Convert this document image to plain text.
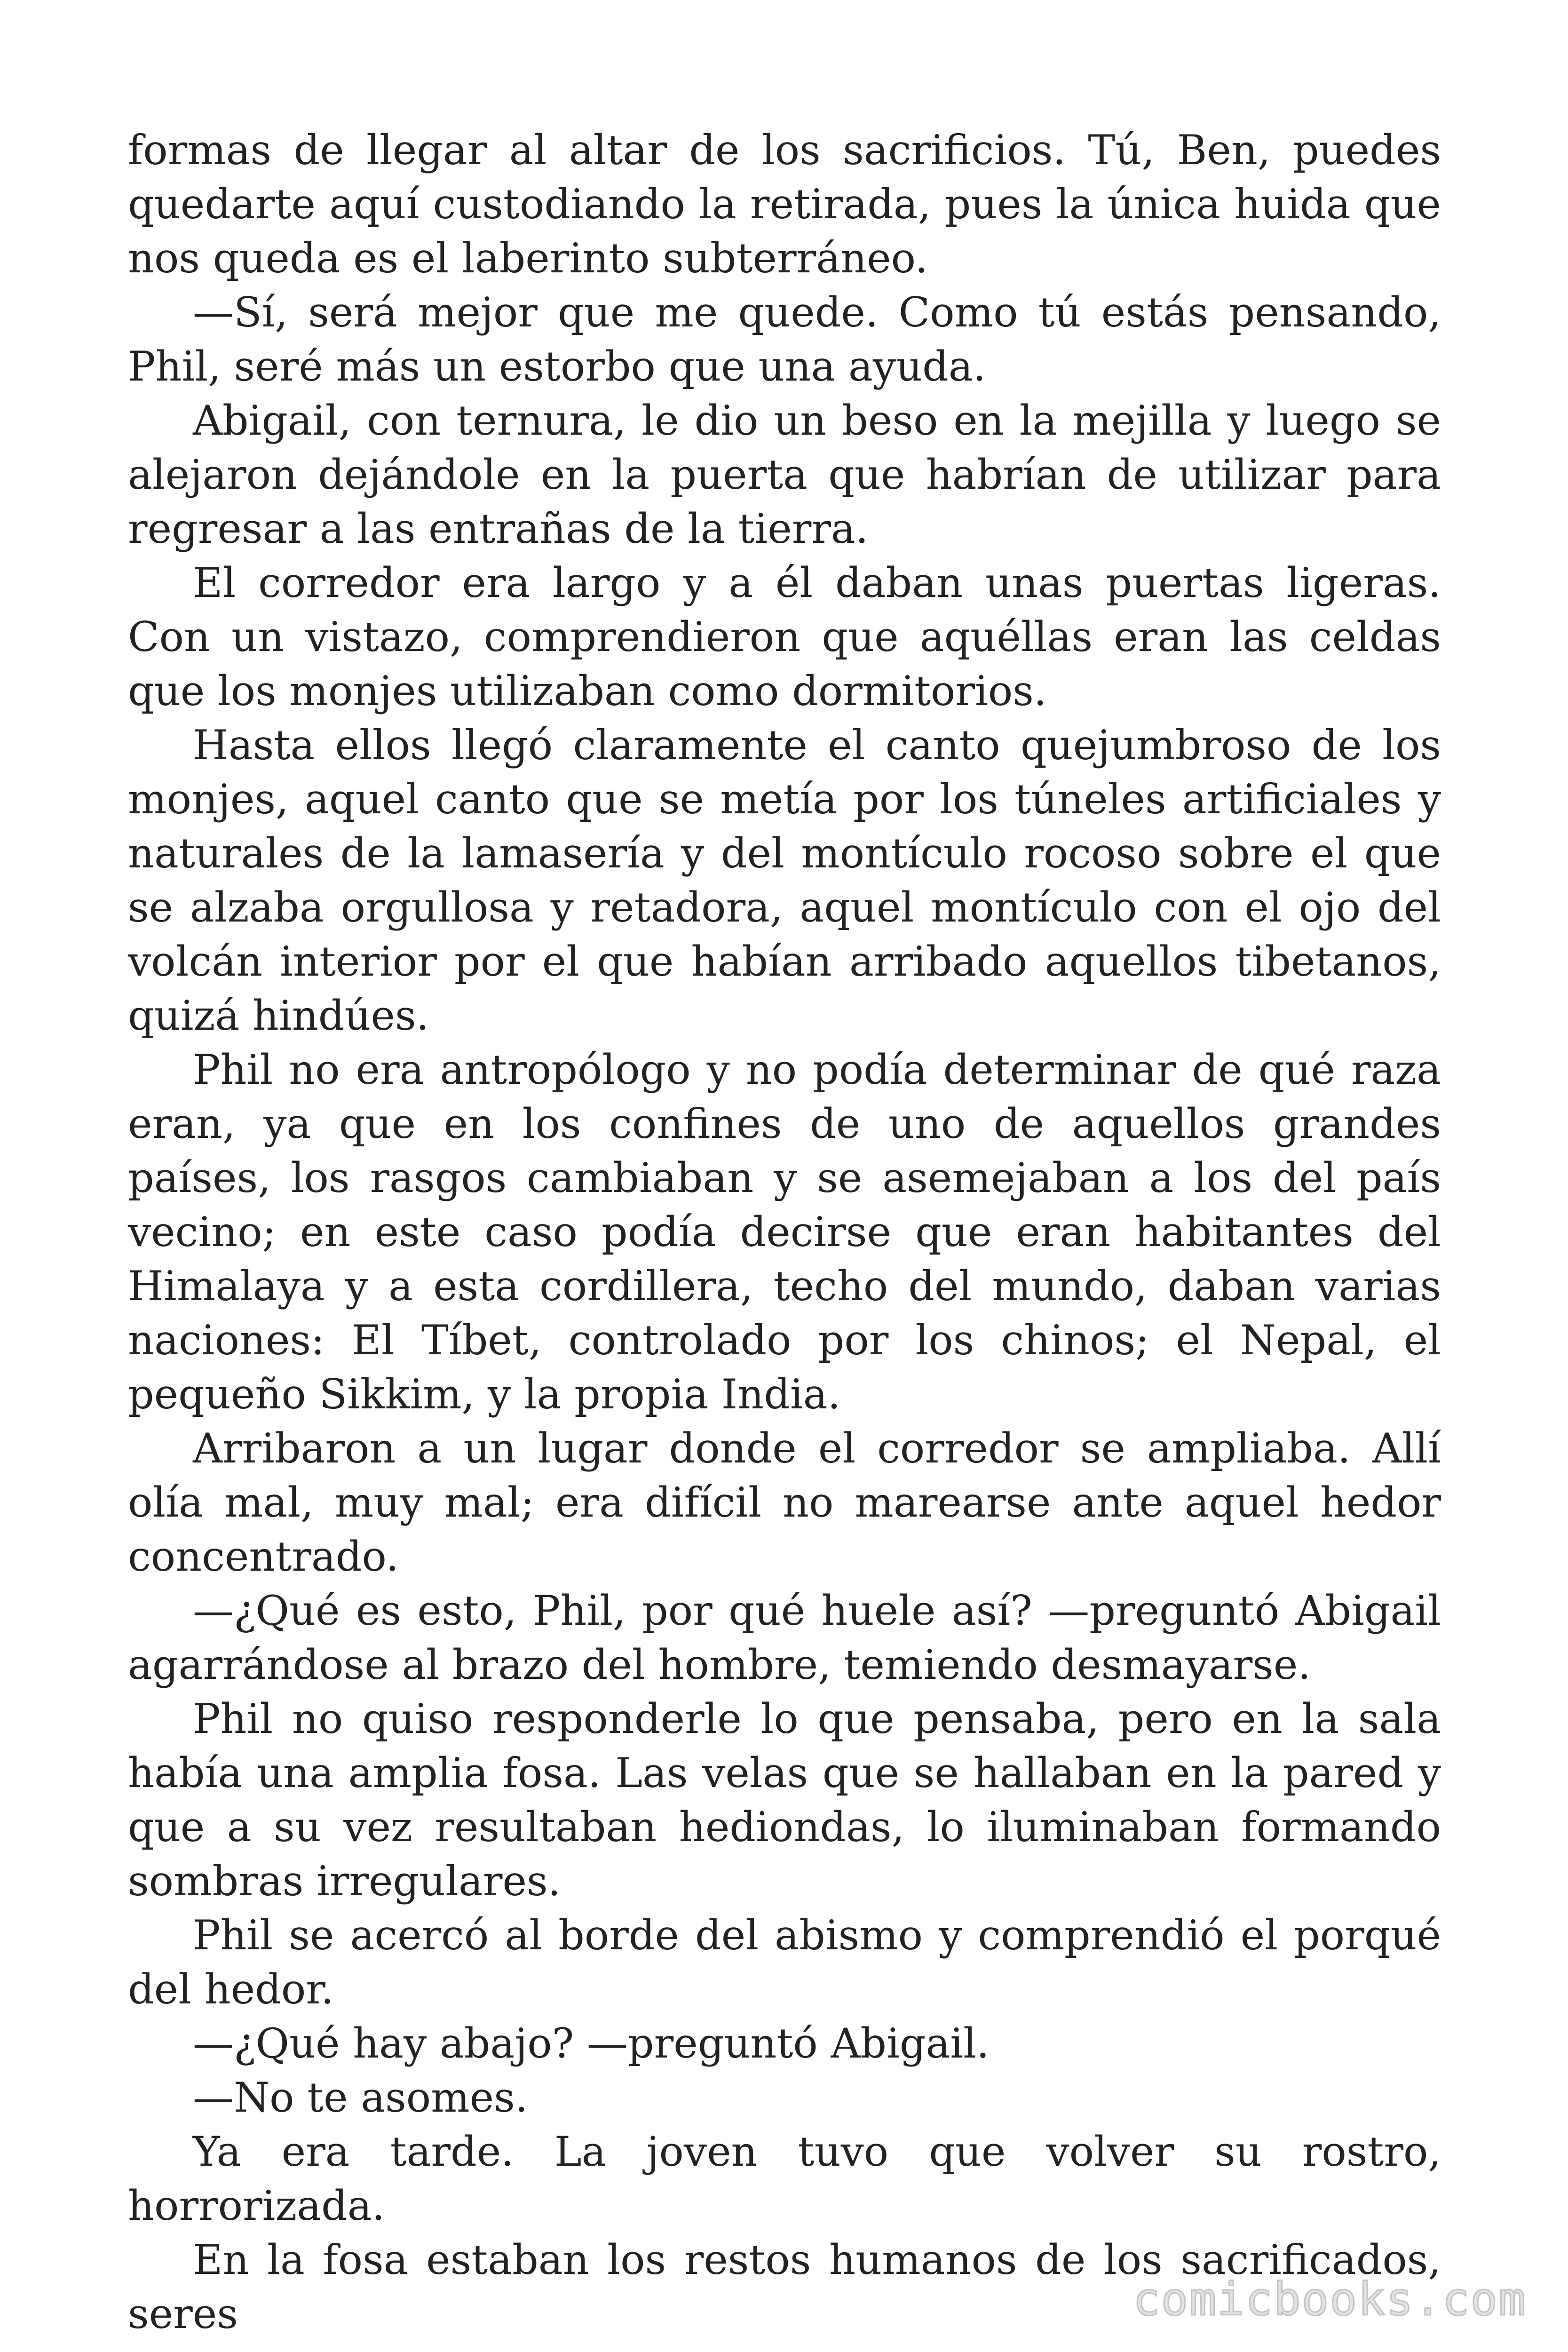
formas de llegar al altar de los sacrificios. Tú, Ben, puedes quedarte aquí custodiando la retirada, pues la única huida que nos queda es el laberinto subterráneo.

—Sí, será mejor que me quede. Como tú estás pensando, Phil, seré más un estorbo que una ayuda.

Abigail, con ternura, le dio un beso en la mejilla y luego se alejaron dejándole en la puerta que habrían de utilizar para regresar a las entrañas de la tierra.

El corredor era largo y a él daban unas puertas ligeras. Con un vistazo, comprendieron que aquéllas eran las celdas que los monjes utilizaban como dormitorios.

Hasta ellos llegó claramente el canto quejumbroso de los monjes, aquel canto que se metía por los túneles artificiales y naturales de la lamasería y del montículo rocoso sobre el que se alzaba orgullosa y retadora, aquel montículo con el ojo del volcán interior por el que habían arribado aquellos tibetanos, quizá hindúes.

Phil no era antropólogo y no podía determinar de qué raza eran, ya que en los confines de uno de aquellos grandes países, los rasgos cambiaban y se asemejaban a los del país vecino; en este caso podía decirse que eran habitantes del Himalaya y a esta cordillera, techo del mundo, daban varias naciones: El Tíbet, controlado por los chinos; el Nepal, el pequeño Sikkim, y la propia India.

Arribaron a un lugar donde el corredor se ampliaba. Allí olía mal, muy mal; era difícil no marearse ante aquel hedor concentrado.

—¿Qué es esto, Phil, por qué huele así? —preguntó Abigail agarrándose al brazo del hombre, temiendo desmayarse.

Phil no quiso responderle lo que pensaba, pero en la sala había una amplia fosa. Las velas que se hallaban en la pared y que a su vez resultaban hediondas, lo iluminaban formando sombras irregulares.

Phil se acercó al borde del abismo y comprendió el porqué del hedor.

—¿Qué hay abajo? —preguntó Abigail.

—No te asomes.

Ya era tarde. La joven tuvo que volver su rostro, horrorizada.

En la fosa estaban los restos humanos de los sacrificados, seres	comicbooks.com
